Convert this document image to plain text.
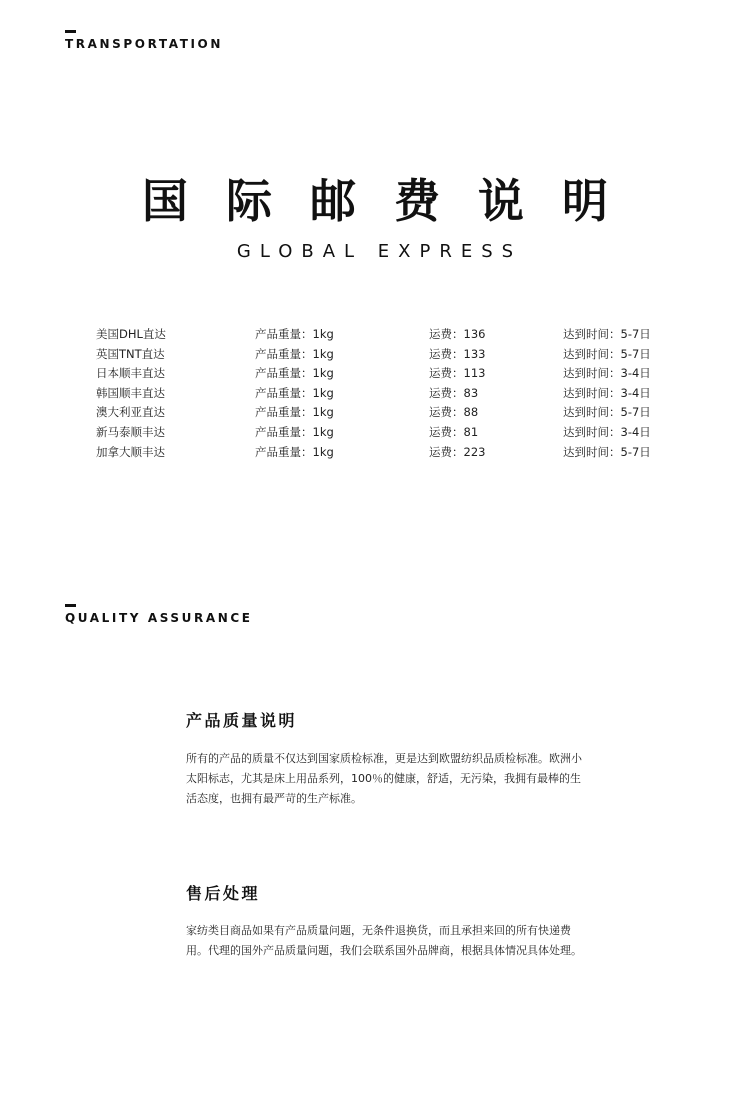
TRANSPORTATION
国际邮费说明
GLOBAL EXPRESS
美国DHL直达	产品重量：1kg	运费：136	达到时间：5-7日
英国TNT直达	产品重量：1kg	运费：133	达到时间：5-7日
日本顺丰直达	产品重量：1kg	运费：113	达到时间：3-4日
韩国顺丰直达	产品重量：1kg	运费：83	达到时间：3-4日
澳大利亚直达	产品重量：1kg	运费：88	达到时间：5-7日
新马泰顺丰达	产品重量：1kg	运费：81	达到时间：3-4日
加拿大顺丰达	产品重量：1kg	运费：223	达到时间：5-7日
QUALITY ASSURANCE
产品质量说明
所有的产品的质量不仅达到国家质检标准，更是达到欧盟纺织品质检标准。欧洲小太阳标志，尤其是床上用品系列，100％的健康，舒适，无污染，我拥有最棒的生活态度，也拥有最严苛的生产标准。
售后处理
家纺类目商品如果有产品质量问题，无条件退换货，而且承担来回的所有快递费用。代理的国外产品质量问题，我们会联系国外品牌商，根据具体情况具体处理。
